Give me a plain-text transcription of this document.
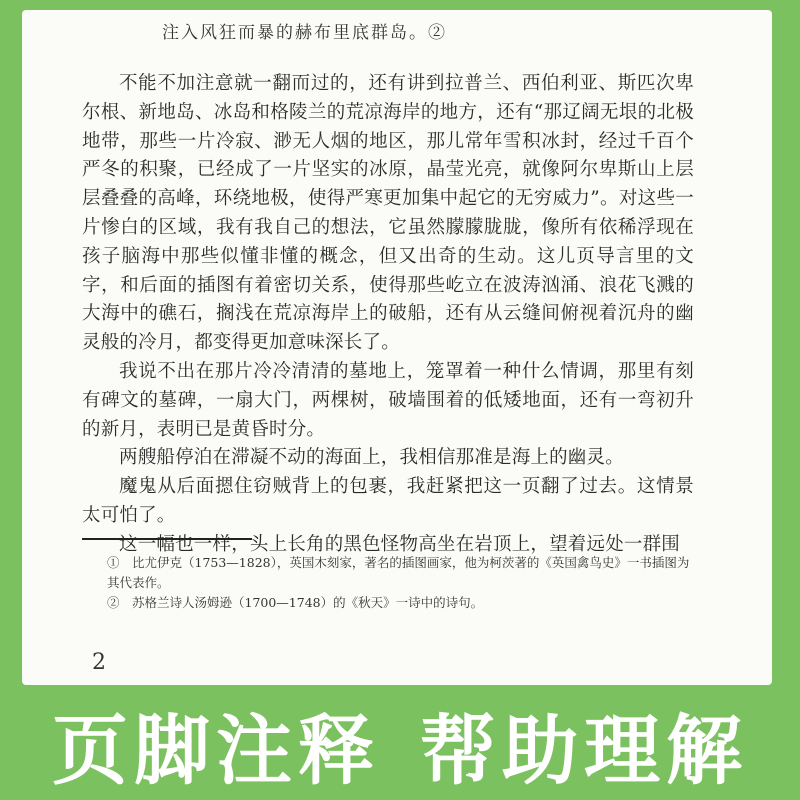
注入风狂而暴的赫布里底群岛。②

不能不加注意就一翻而过的，还有讲到拉普兰、西伯利亚、斯匹次卑尔根、新地岛、冰岛和格陵兰的荒凉海岸的地方，还有“那辽阔无垠的北极地带，那些一片冷寂、渺无人烟的地区，那儿常年雪积冰封，经过千百个严冬的积聚，已经成了一片坚实的冰原，晶莹光亮，就像阿尔卑斯山上层层叠叠的高峰，环绕地极，使得严寒更加集中起它的无穷威力”。对这些一片惨白的区域，我有我自己的想法，它虽然朦朦胧胧，像所有依稀浮现在孩子脑海中那些似懂非懂的概念，但又出奇的生动。这儿页导言里的文字，和后面的插图有着密切关系，使得那些屹立在波涛汹涌、浪花飞溅的大海中的礁石，搁浅在荒凉海岸上的破船，还有从云缝间俯视着沉舟的幽灵般的冷月，都变得更加意味深长了。

我说不出在那片冷冷清清的墓地上，笼罩着一种什么情调，那里有刻有碑文的墓碑，一扇大门，两棵树，破墙围着的低矮地面，还有一弯初升的新月，表明已是黄昏时分。

两艘船停泊在滞凝不动的海面上，我相信那准是海上的幽灵。

魔鬼从后面摁住窃贼背上的包裹，我赶紧把这一页翻了过去。这情景太可怕了。

这一幅也一样，头上长角的黑色怪物高坐在岩顶上，望着远处一群围

①　比尤伊克（1753—1828），英国木刻家，著名的插图画家，他为柯茨著的《英国禽鸟史》一书插图为其代表作。

②　苏格兰诗人汤姆逊（1700—1748）的《秋天》一诗中的诗句。

2
页脚注释 帮助理解
